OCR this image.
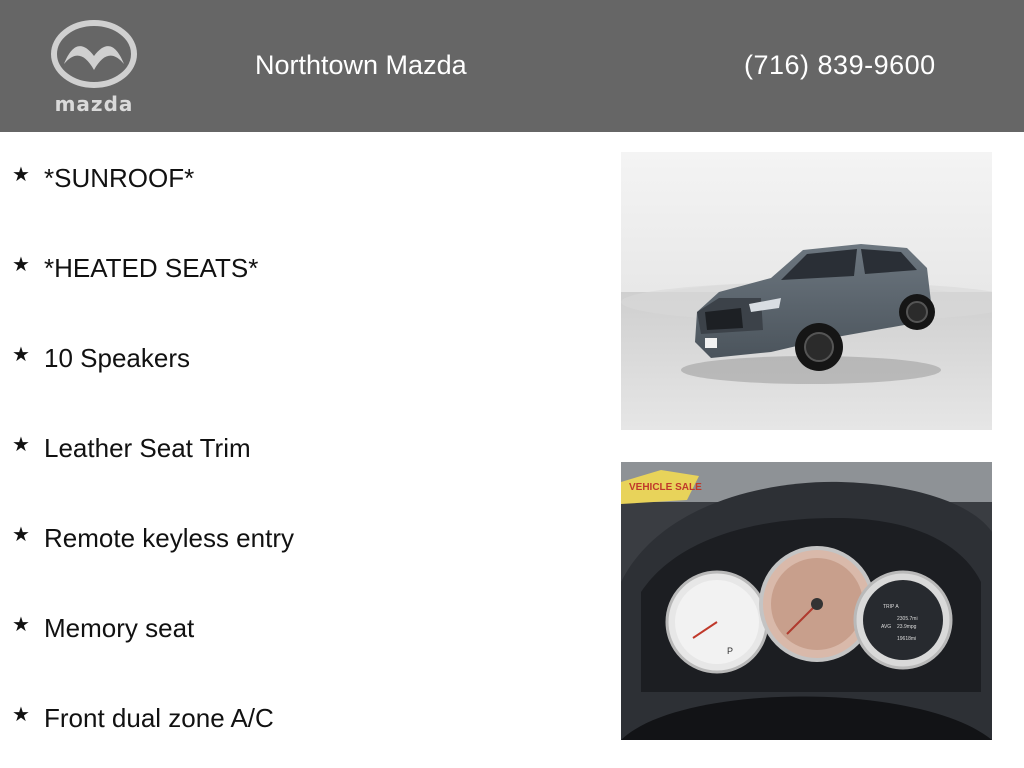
mazda
Northtown Mazda	(716) 839-9600
★ *SUNROOF*
★ *HEATED SEATS*
★ 10 Speakers
★ Leather Seat Trim
★ Remote keyless entry
★ Memory seat
★ Front dual zone A/C
VEHICLE SALE
P
TRIP A
2305.7mi
AVG 23.9mpg
19618mi
